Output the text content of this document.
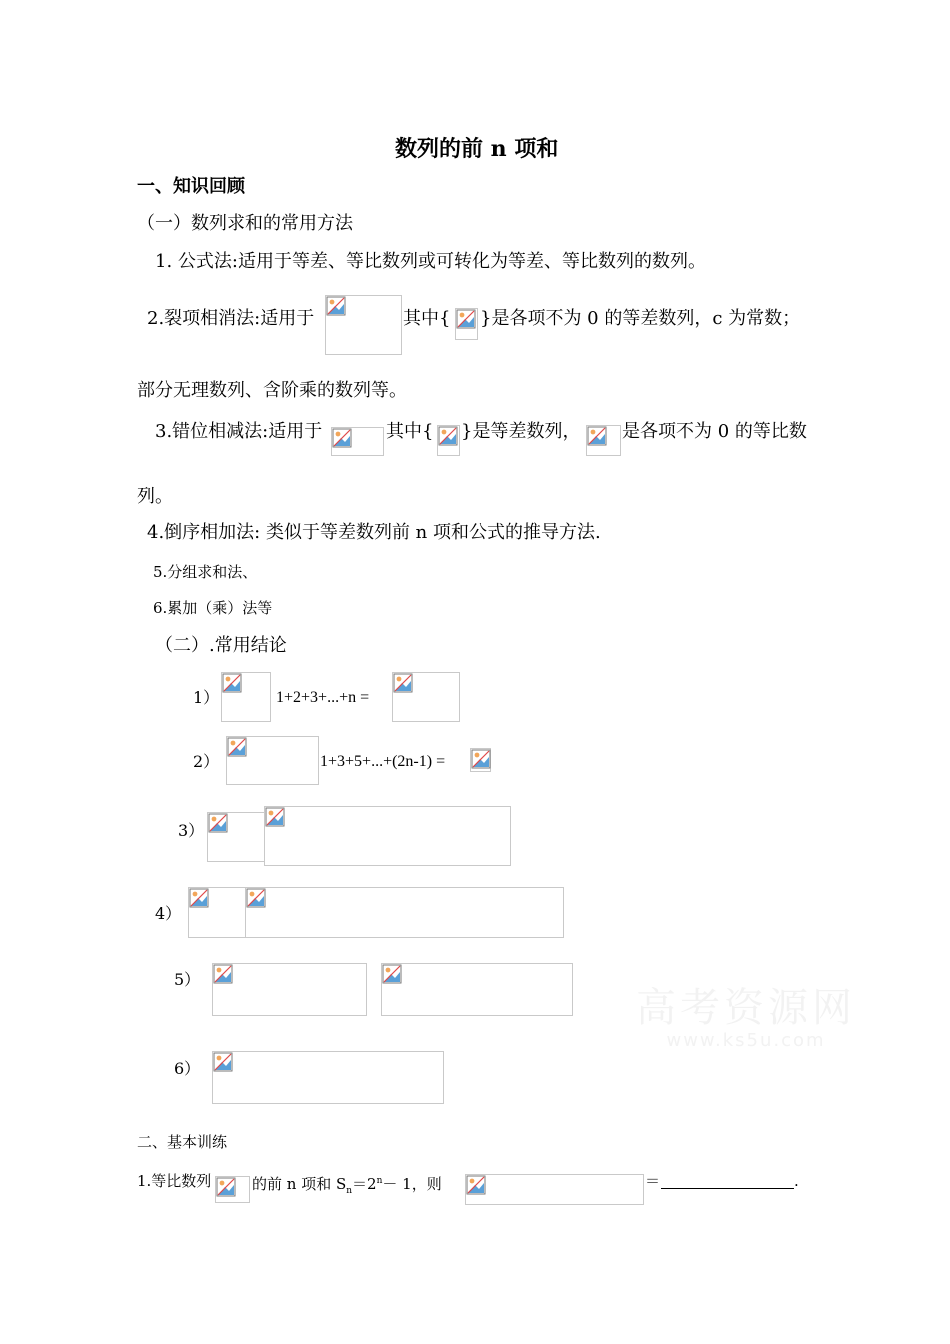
数列的前 n 项和
一、知识回顾
（一）数列求和的常用方法
1. 公式法:适用于等差、等比数列或可转化为等差、等比数列的数列。
2.裂项相消法:适用于	其中{ }是各项不为 0 的等差数列，c 为常数；
部分无理数列、含阶乘的数列等。
3.错位相减法:适用于	其中{ }是等差数列， 是各项不为 0 的等比数
列。
4.倒序相加法: 类似于等差数列前 n 项和公式的推导方法.
5.分组求和法、
6.累加（乘）法等
（二）.常用结论
1）	1+2+3+...+n =
2）	1+3+5+...+(2n-1) =
3）
4）
5）
6）
高考资源网
www.ks5u.com
二、基本训练
1.等比数列	的前 n 项和 $S_n=2^n- 1$，则	＝	.
